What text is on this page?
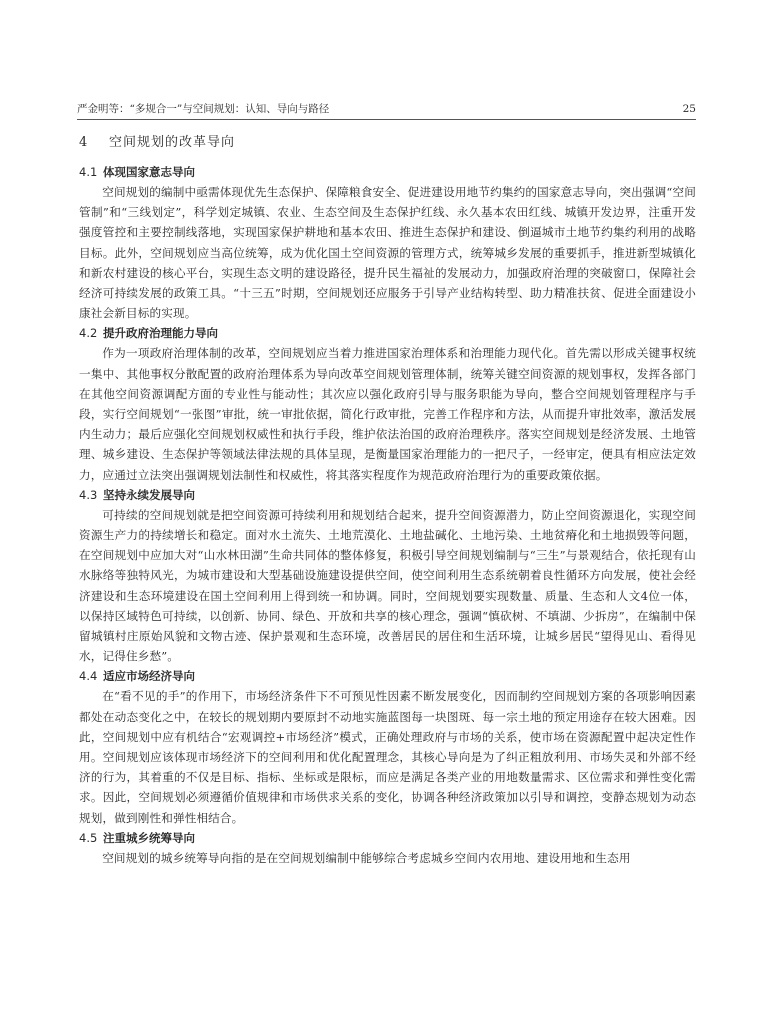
严金明等：“多规合一”与空间规划：认知、导向与路径	25
4 空间规划的改革导向
4.1 体现国家意志导向

空间规划的编制中亟需体现优先生态保护、保障粮食安全、促进建设用地节约集约的国家意志导向，突出强调“空间管制”和“三线划定”，科学划定城镇、农业、生态空间及生态保护红线、永久基本农田红线、城镇开发边界，注重开发强度管控和主要控制线落地，实现国家保护耕地和基本农田、推进生态保护和建设、倒逼城市土地节约集约利用的战略目标。此外，空间规划应当高位统筹，成为优化国土空间资源的管理方式，统筹城乡发展的重要抓手，推进新型城镇化和新农村建设的核心平台，实现生态文明的建设路径，提升民生福祉的发展动力，加强政府治理的突破窗口，保障社会经济可持续发展的政策工具。“十三五”时期，空间规划还应服务于引导产业结构转型、助力精准扶贫、促进全面建设小康社会新目标的实现。

4.2 提升政府治理能力导向

作为一项政府治理体制的改革，空间规划应当着力推进国家治理体系和治理能力现代化。首先需以形成关键事权统一集中、其他事权分散配置的政府治理体系为导向改革空间规划管理体制，统筹关键空间资源的规划事权，发挥各部门在其他空间资源调配方面的专业性与能动性；其次应以强化政府引导与服务职能为导向，整合空间规划管理程序与手段，实行空间规划“一张图”审批，统一审批依据，简化行政审批，完善工作程序和方法，从而提升审批效率，激活发展内生动力；最后应强化空间规划权威性和执行手段，维护依法治国的政府治理秩序。落实空间规划是经济发展、土地管理、城乡建设、生态保护等领域法律法规的具体呈现，是衡量国家治理能力的一把尺子，一经审定，便具有相应法定效力，应通过立法突出强调规划法制性和权威性，将其落实程度作为规范政府治理行为的重要政策依据。

4.3 坚持永续发展导向

可持续的空间规划就是把空间资源可持续利用和规划结合起来，提升空间资源潜力，防止空间资源退化，实现空间资源生产力的持续增长和稳定。面对水土流失、土地荒漠化、土地盐碱化、土地污染、土地贫瘠化和土地损毁等问题，在空间规划中应加大对“山水林田湖”生命共同体的整体修复，积极引导空间规划编制与“三生”与景观结合，依托现有山水脉络等独特风光，为城市建设和大型基础设施建设提供空间，使空间利用生态系统朝着良性循环方向发展，使社会经济建设和生态环境建设在国土空间利用上得到统一和协调。同时，空间规划要实现数量、质量、生态和人文4位一体，以保持区域特色可持续，以创新、协同、绿色、开放和共享的核心理念，强调“慎砍树、不填湖、少拆房”，在编制中保留城镇村庄原始风貌和文物古迹、保护景观和生态环境，改善居民的居住和生活环境，让城乡居民“望得见山、看得见水，记得住乡愁”。

4.4 适应市场经济导向

在“看不见的手”的作用下，市场经济条件下不可预见性因素不断发展变化，因而制约空间规划方案的各项影响因素都处在动态变化之中，在较长的规划期内要原封不动地实施蓝图每一块图斑、每一宗土地的预定用途存在较大困难。因此，空间规划中应有机结合“宏观调控+市场经济”模式，正确处理政府与市场的关系，使市场在资源配置中起决定性作用。空间规划应该体现市场经济下的空间利用和优化配置理念，其核心导向是为了纠正粗放利用、市场失灵和外部不经济的行为，其着重的不仅是目标、指标、坐标或是限标，而应是满足各类产业的用地数量需求、区位需求和弹性变化需求。因此，空间规划必须遵循价值规律和市场供求关系的变化，协调各种经济政策加以引导和调控，变静态规划为动态规划，做到刚性和弹性相结合。

4.5 注重城乡统筹导向

空间规划的城乡统筹导向指的是在空间规划编制中能够综合考虑城乡空间内农用地、建设用地和生态用
